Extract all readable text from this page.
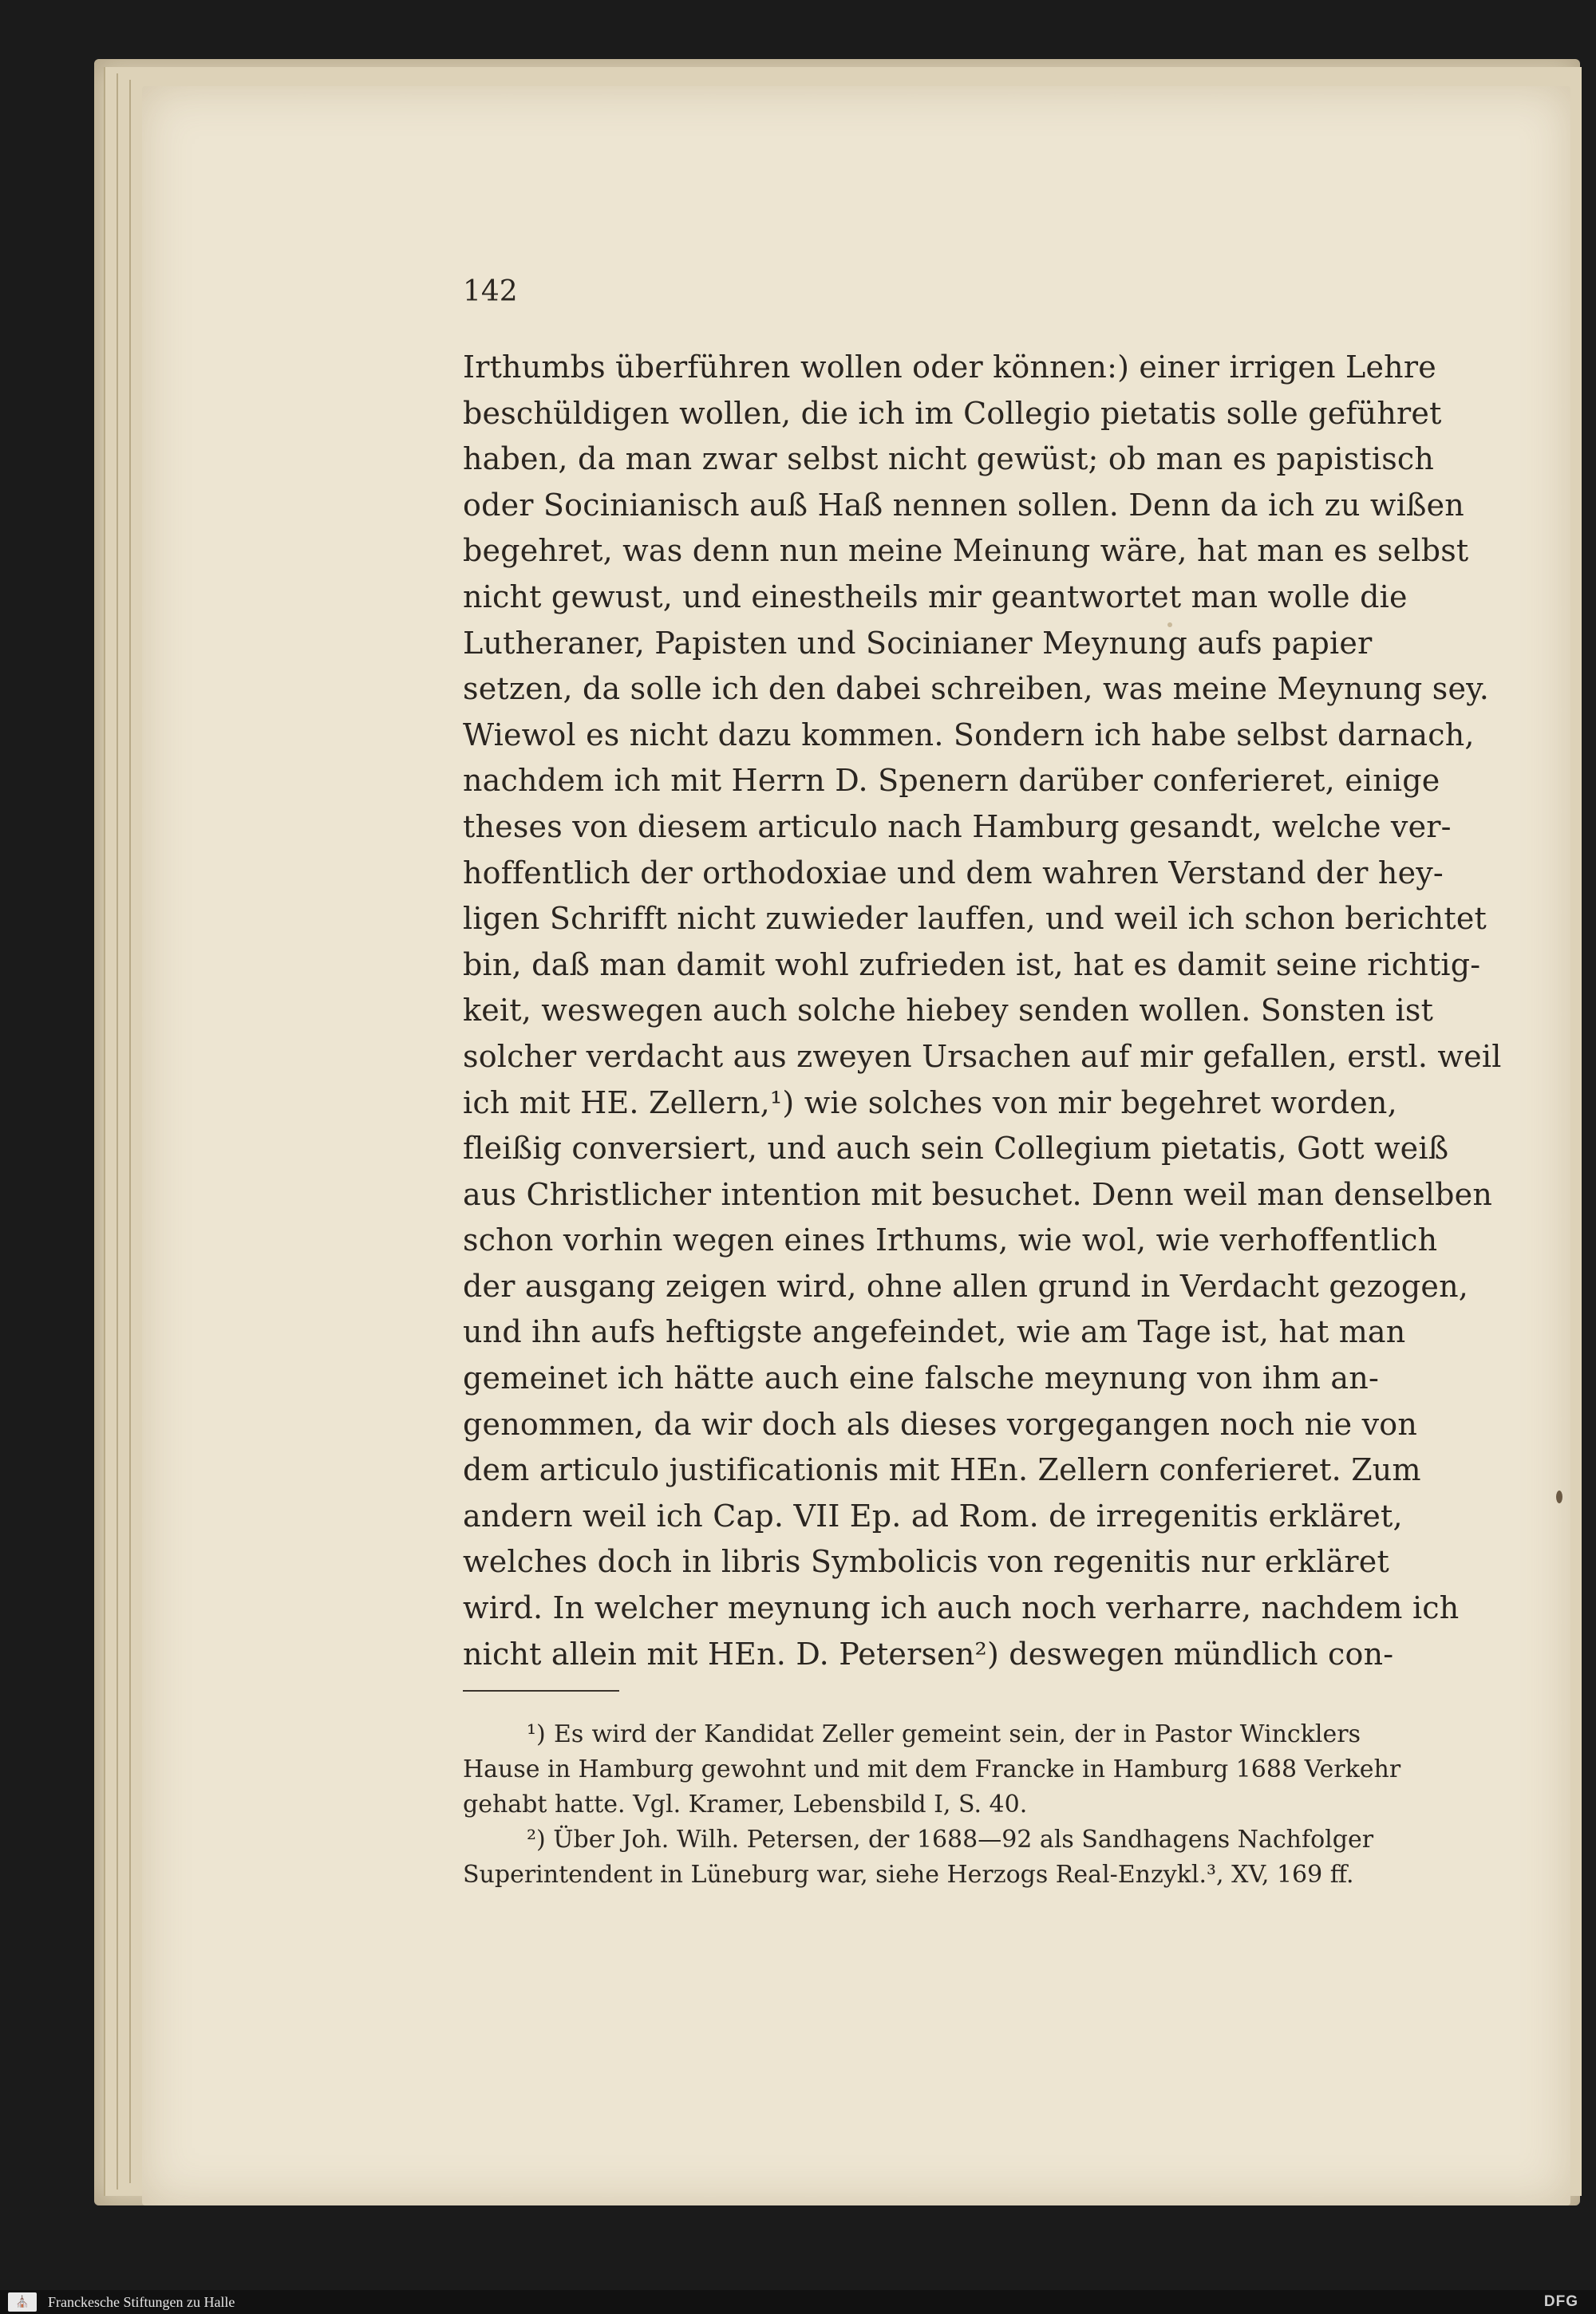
142
Irthumbs überführen wollen oder können:) einer irrigen Lehre
beschüldigen wollen, die ich im Collegio pietatis solle geführet
haben, da man zwar selbst nicht gewüst; ob man es papistisch
oder Socinianisch auß Haß nennen sollen. Denn da ich zu wißen
begehret, was denn nun meine Meinung wäre, hat man es selbst
nicht gewust, und einestheils mir geantwortet man wolle die
Lutheraner, Papisten und Socinianer Meynung aufs papier
setzen, da solle ich den dabei schreiben, was meine Meynung sey.
Wiewol es nicht dazu kommen. Sondern ich habe selbst darnach,
nachdem ich mit Herrn D. Spenern darüber conferieret, einige
theses von diesem articulo nach Hamburg gesandt, welche ver-
hoffentlich der orthodoxiae und dem wahren Verstand der hey-
ligen Schrifft nicht zuwieder lauffen, und weil ich schon berichtet
bin, daß man damit wohl zufrieden ist, hat es damit seine richtig-
keit, weswegen auch solche hiebey senden wollen. Sonsten ist
solcher verdacht aus zweyen Ursachen auf mir gefallen, erstl. weil
ich mit HE. Zellern,¹) wie solches von mir begehret worden,
fleißig conversiert, und auch sein Collegium pietatis, Gott weiß
aus Christlicher intention mit besuchet. Denn weil man denselben
schon vorhin wegen eines Irthums, wie wol, wie verhoffentlich
der ausgang zeigen wird, ohne allen grund in Verdacht gezogen,
und ihn aufs heftigste angefeindet, wie am Tage ist, hat man
gemeinet ich hätte auch eine falsche meynung von ihm an-
genommen, da wir doch als dieses vorgegangen noch nie von
dem articulo justificationis mit HEn. Zellern conferieret. Zum
andern weil ich Cap. VII Ep. ad Rom. de irregenitis erkläret,
welches doch in libris Symbolicis von regenitis nur erkläret
wird. In welcher meynung ich auch noch verharre, nachdem ich
nicht allein mit HEn. D. Petersen²) deswegen mündlich con-
¹) Es wird der Kandidat Zeller gemeint sein, der in Pastor Wincklers
Hause in Hamburg gewohnt und mit dem Francke in Hamburg 1688 Verkehr
gehabt hatte. Vgl. Kramer, Lebensbild I, S. 40.
²) Über Joh. Wilh. Petersen, der 1688—92 als Sandhagens Nachfolger
Superintendent in Lüneburg war, siehe Herzogs Real-Enzykl.³, XV, 169 ff.
⛪	Franckesche Stiftungen zu Halle	DFG
